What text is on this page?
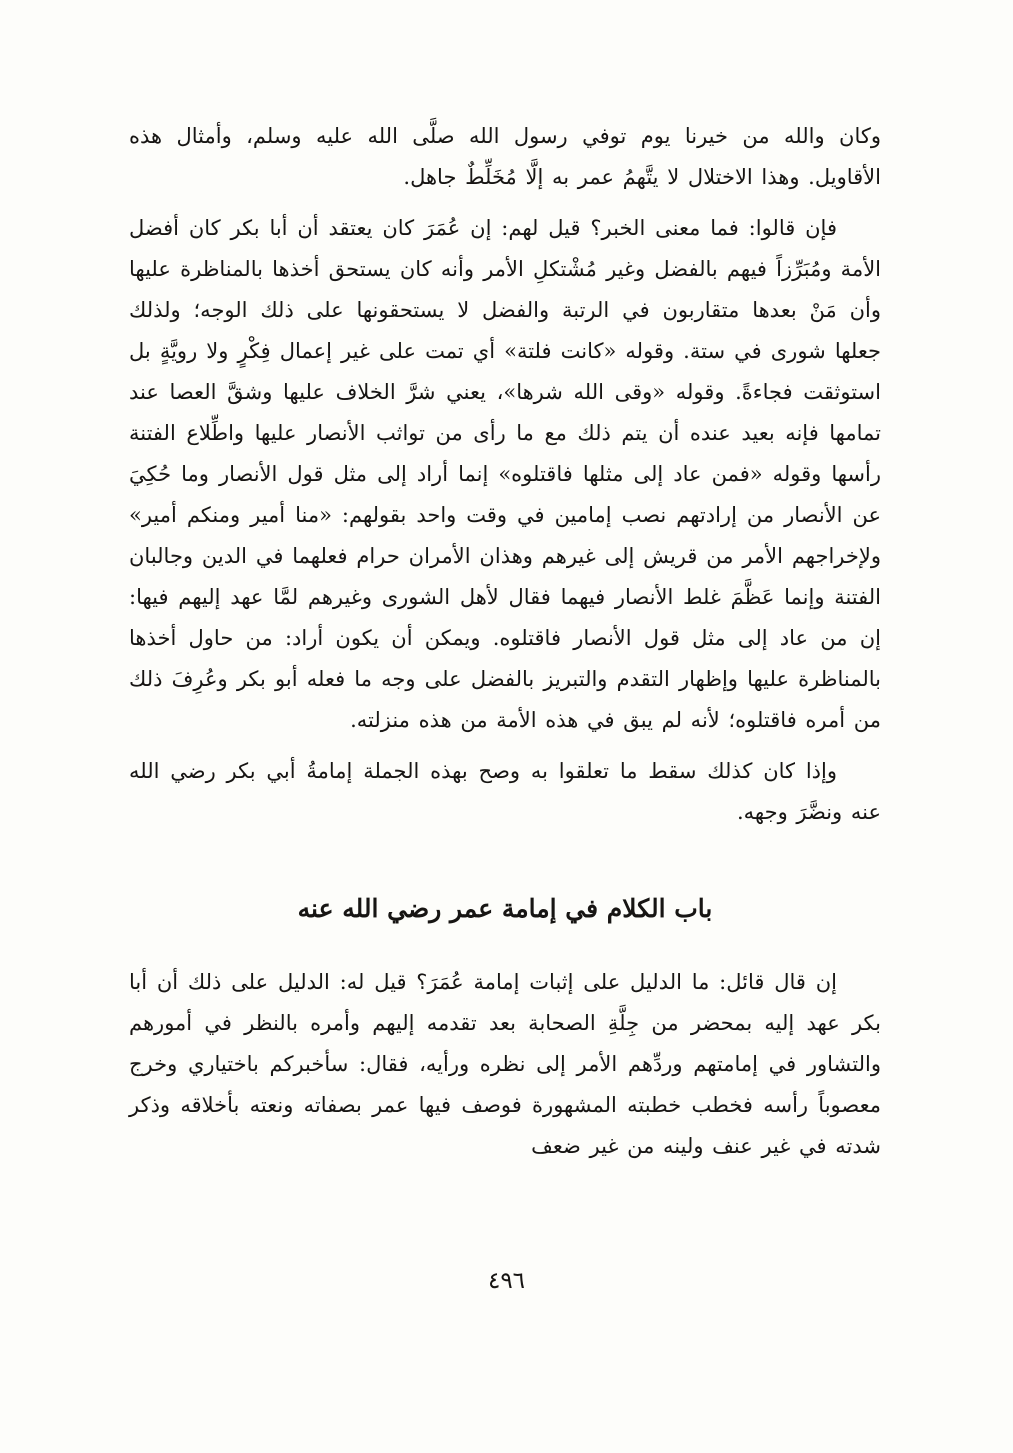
وكان والله من خيرنا يوم توفي رسول الله صلَّى الله عليه وسلم، وأمثال هذه الأقاويل. وهذا الاختلال لا يتَّهمُ عمر به إلَّا مُخَلِّطٌ جاهل.

فإن قالوا: فما معنى الخبر؟ قيل لهم: إن عُمَرَ كان يعتقد أن أبا بكر كان أفضل الأمة ومُبَرِّزاً فيهم بالفضل وغير مُشْتكلِ الأمر وأنه كان يستحق أخذها بالمناظرة عليها وأن مَنْ بعدها متقاربون في الرتبة والفضل لا يستحقونها على ذلك الوجه؛ ولذلك جعلها شورى في ستة. وقوله «كانت فلتة» أي تمت على غير إعمال فِكْرٍ ولا رويَّةٍ بل استوثقت فجاءةً. وقوله «وقى الله شرها»، يعني شرَّ الخلاف عليها وشقَّ العصا عند تمامها فإنه بعيد عنده أن يتم ذلك مع ما رأى من تواثب الأنصار عليها واطِّلاع الفتنة رأسها وقوله «فمن عاد إلى مثلها فاقتلوه» إنما أراد إلى مثل قول الأنصار وما حُكِيَ عن الأنصار من إرادتهم نصب إمامين في وقت واحد بقولهم: «منا أمير ومنكم أمير» ولإخراجهم الأمر من قريش إلى غيرهم وهذان الأمران حرام فعلهما في الدين وجالبان الفتنة وإنما عَظَّمَ غلط الأنصار فيهما فقال لأهل الشورى وغيرهم لمَّا عهد إليهم فيها: إن من عاد إلى مثل قول الأنصار فاقتلوه. ويمكن أن يكون أراد: من حاول أخذها بالمناظرة عليها وإظهار التقدم والتبريز بالفضل على وجه ما فعله أبو بكر وعُرِفَ ذلك من أمره فاقتلوه؛ لأنه لم يبق في هذه الأمة من هذه منزلته.

وإذا كان كذلك سقط ما تعلقوا به وصح بهذه الجملة إمامةُ أبي بكر رضي الله عنه ونضَّرَ وجهه.

باب الكلام في إمامة عمر رضي الله عنه

إن قال قائل: ما الدليل على إثبات إمامة عُمَرَ؟ قيل له: الدليل على ذلك أن أبا بكر عهد إليه بمحضر من جِلَّةِ الصحابة بعد تقدمه إليهم وأمره بالنظر في أمورهم والتشاور في إمامتهم وردِّهم الأمر إلى نظره ورأيه، فقال: سأخبركم باختياري وخرج معصوباً رأسه فخطب خطبته المشهورة فوصف فيها عمر بصفاته ونعته بأخلاقه وذكر شدته في غير عنف ولينه من غير ضعف

٤٩٦
